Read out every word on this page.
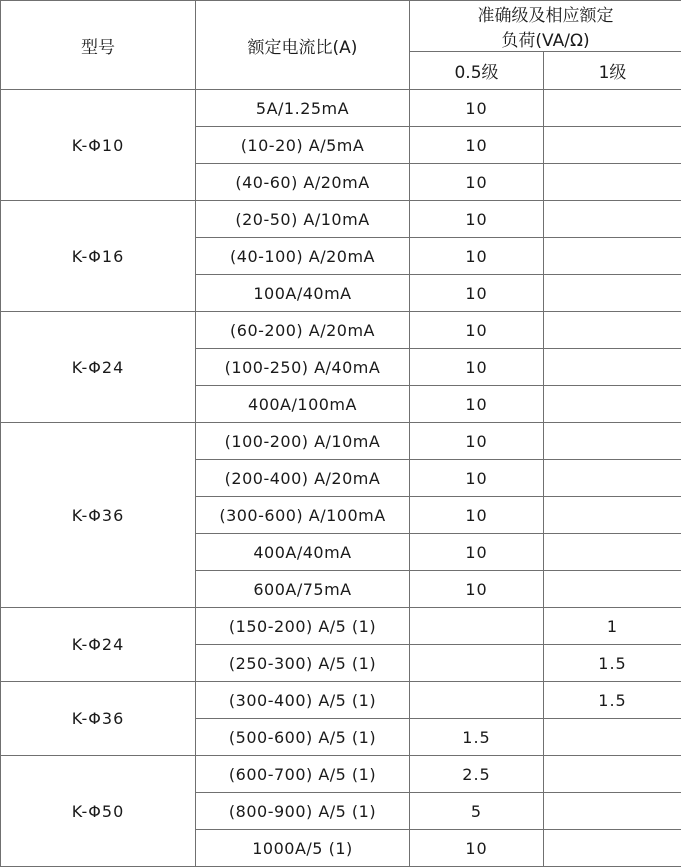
型号	额定电流比(A)	准确级及相应额定
负荷(VA/Ω)	

		0.5级	1级
K-Φ10	5A/1.25mA	10	
	(10-20) A/5mA	10	
	(40-60) A/20mA	10	
K-Φ16	(20-50) A/10mA	10	
	(40-100) A/20mA	10	
	100A/40mA	10	
K-Φ24	(60-200) A/20mA	10	
	(100-250) A/40mA	10	
	400A/100mA	10	
K-Φ36	(100-200) A/10mA	10	
	(200-400) A/20mA	10	
	(300-600) A/100mA	10	
	400A/40mA	10	
	600A/75mA	10	
K-Φ24	(150-200) A/5 (1)		1
	(250-300) A/5 (1)		1.5
K-Φ36	(300-400) A/5 (1)		1.5
	(500-600) A/5 (1)	1.5	
K-Φ50	(600-700) A/5 (1)	2.5	
	(800-900) A/5 (1)	5	
	1000A/5 (1)	10	
